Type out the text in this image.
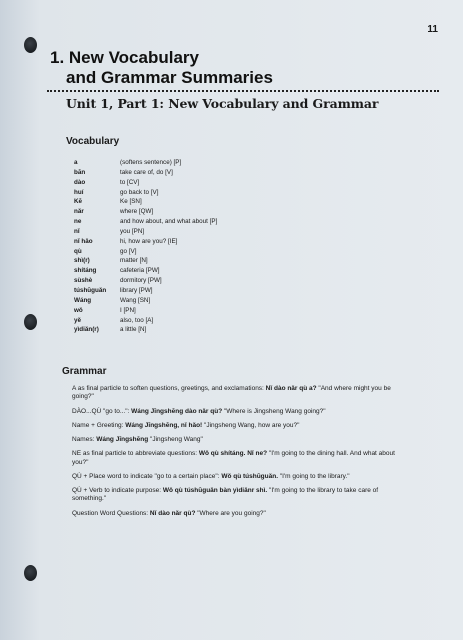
11
1. New Vocabulary
and Grammar Summaries
Unit 1, Part 1: New Vocabulary and Grammar
Vocabulary
a	(softens sentence) [P]
bān	take care of, do [V]
dào	to [CV]
huí	go back to [V]
Kē	Ke [SN]
nǎr	where [QW]
ne	and how about, and what about [P]
nǐ	you [PN]
nǐ hǎo	hi, how are you? [IE]
qù	go [V]
shì(r)	matter [N]
shítáng	cafeteria [PW]
sùshè	dormitory [PW]
túshūguǎn	library [PW]
Wáng	Wang [SN]
wǒ	I [PN]
yě	also, too [A]
yìdiǎn(r)	a little [N]
Grammar

A as final particle to soften questions, greetings, and exclamations: Nǐ dào nǎr qù a? "And where might you be going?"

DÀO...QÙ "go to...": Wáng Jīngshēng dào nǎr qù? "Where is Jingsheng Wang going?"

Name + Greeting: Wáng Jīngshēng, nǐ hǎo! "Jingsheng Wang, how are you?"

Names: Wáng Jīngshēng "Jingsheng Wang"

NE as final particle to abbreviate questions: Wǒ qù shítáng. Nǐ ne? "I'm going to the dining hall. And what about you?"

QÙ + Place word to indicate "go to a certain place": Wǒ qù túshūguǎn. "I'm going to the library."

QÙ + Verb to indicate purpose: Wǒ qù túshūguǎn bàn yìdiǎnr shì. "I'm going to the library to take care of something."

Question Word Questions: Nǐ dào nǎr qù? "Where are you going?"
